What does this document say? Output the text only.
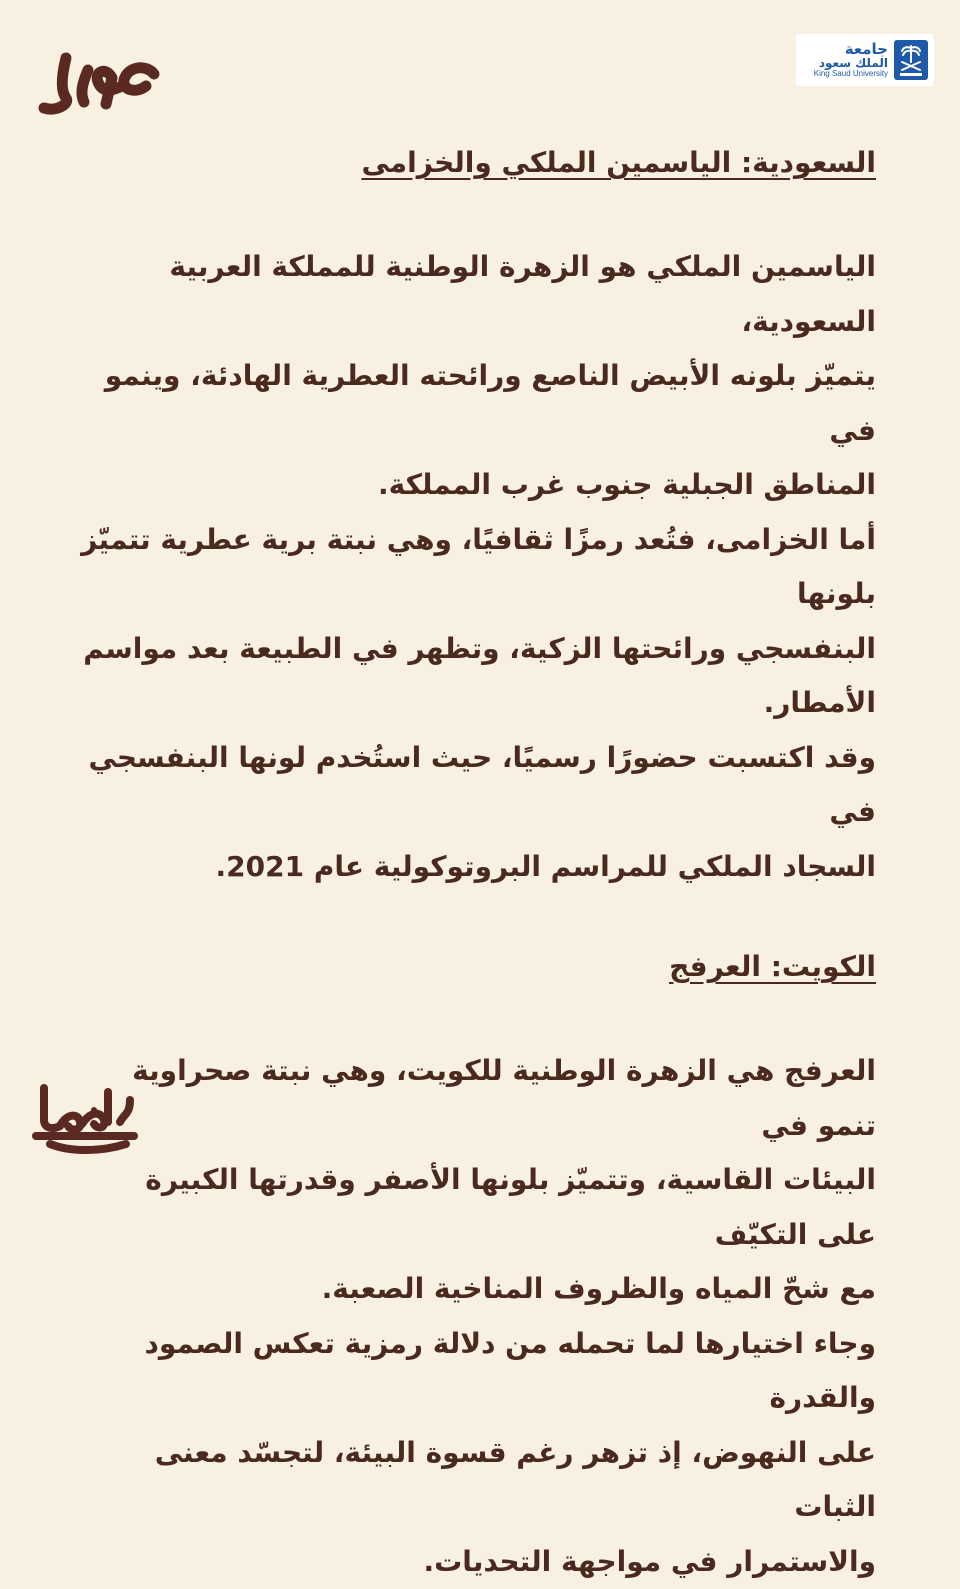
جامعة
الملك سعود
King Saud University
السعودية: الياسمين الملكي والخزامى

الياسمين الملكي هو الزهرة الوطنية للمملكة العربية السعودية،
يتميّز بلونه الأبيض الناصع ورائحته العطرية الهادئة، وينمو في
المناطق الجبلية جنوب غرب المملكة.
أما الخزامى، فتُعد رمزًا ثقافيًا، وهي نبتة برية عطرية تتميّز بلونها
البنفسجي ورائحتها الزكية، وتظهر في الطبيعة بعد مواسم الأمطار.
وقد اكتسبت حضورًا رسميًا، حيث استُخدم لونها البنفسجي في
السجاد الملكي للمراسم البروتوكولية عام 2021.

الكويت: العرفج

العرفج هي الزهرة الوطنية للكويت، وهي نبتة صحراوية تنمو في
البيئات القاسية، وتتميّز بلونها الأصفر وقدرتها الكبيرة على التكيّف
مع شحّ المياه والظروف المناخية الصعبة.
وجاء اختيارها لما تحمله من دلالة رمزية تعكس الصمود والقدرة
على النهوض، إذ تزهر رغم قسوة البيئة، لتجسّد معنى الثبات
والاستمرار في مواجهة التحديات.
